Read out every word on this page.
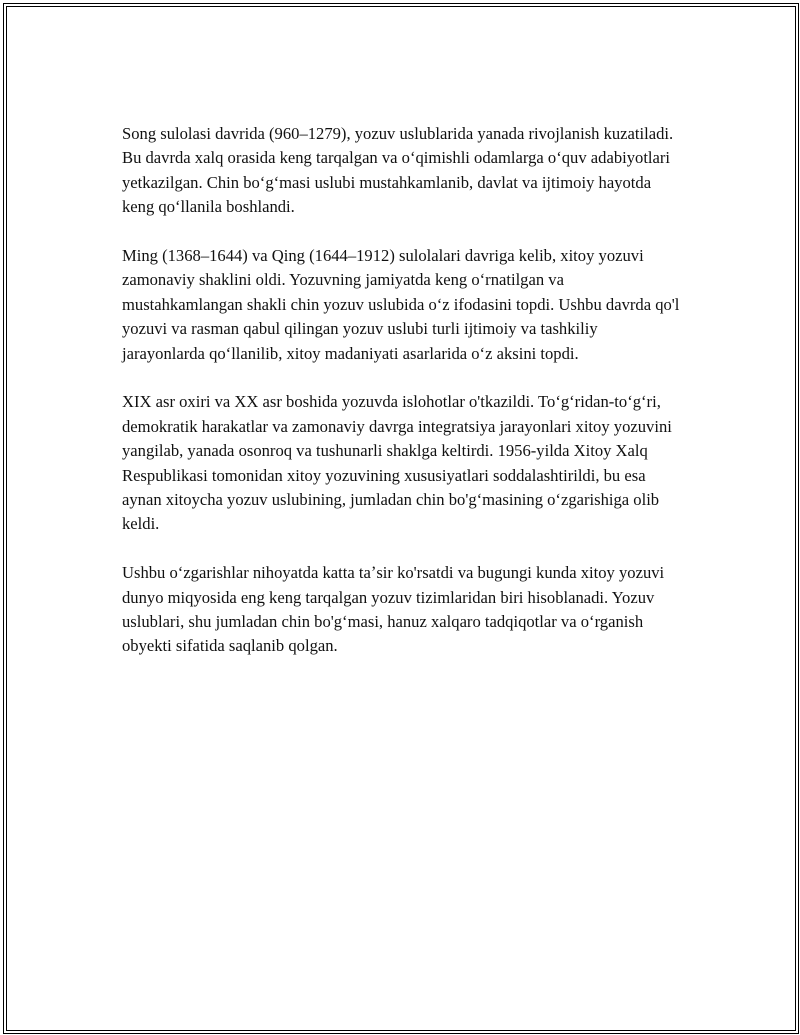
Song sulolasi davrida (960–1279), yozuv uslublarida yanada rivojlanish kuzatiladi. Bu davrda xalq orasida keng tarqalgan va oʻqimishli odamlarga oʻquv adabiyotlari yetkazilgan. Chin boʻgʻmasi uslubi mustahkamlanib, davlat va ijtimoiy hayotda keng qoʻllanila boshlandi.

Ming (1368–1644) va Qing (1644–1912) sulolalari davriga kelib, xitoy yozuvi zamonaviy shaklini oldi. Yozuvning jamiyatda keng oʻrnatilgan va mustahkamlangan shakli chin yozuv uslubida oʻz ifodasini topdi. Ushbu davrda qo'l yozuvi va rasman qabul qilingan yozuv uslubi turli ijtimoiy va tashkiliy jarayonlarda qoʻllanilib, xitoy madaniyati asarlarida oʻz aksini topdi.

XIX asr oxiri va XX asr boshida yozuvda islohotlar o'tkazildi. Toʻgʻridan-toʻgʻri, demokratik harakatlar va zamonaviy davrga integratsiya jarayonlari xitoy yozuvini yangilab, yanada osonroq va tushunarli shaklga keltirdi. 1956-yilda Xitoy Xalq Respublikasi tomonidan xitoy yozuvining xususiyatlari soddalashtirildi, bu esa aynan xitoycha yozuv uslubining, jumladan chin bo'gʻmasining oʻzgarishiga olib keldi.

Ushbu oʻzgarishlar nihoyatda katta taʼsir ko'rsatdi va bugungi kunda xitoy yozuvi dunyo miqyosida eng keng tarqalgan yozuv tizimlaridan biri hisoblanadi. Yozuv uslublari, shu jumladan chin bo'gʻmasi, hanuz xalqaro tadqiqotlar va oʻrganish obyekti sifatida saqlanib qolgan.
